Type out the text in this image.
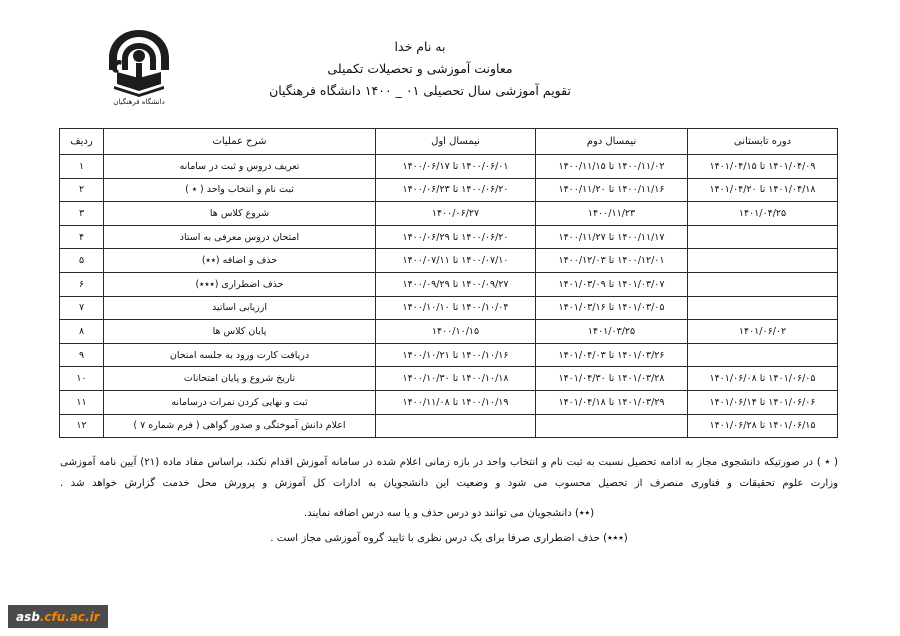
دانشگاه فرهنگیان
به نام خدا
معاونت آموزشی و تحصیلات تکمیلی
تقویم آموزشی سال تحصیلی ۰۱ _ ۱۴۰۰ دانشگاه فرهنگیان
دوره تابستانی	نیمسال دوم	نیمسال اول	شرح عملیات	ردیف
۱۴۰۱/۰۴/۰۹ تا ۱۴۰۱/۰۴/۱۵	۱۴۰۰/۱۱/۰۲ تا ۱۴۰۰/۱۱/۱۵	۱۴۰۰/۰۶/۰۱ تا ۱۴۰۰/۰۶/۱۷	تعریف دروس و ثبت در سامانه	۱
۱۴۰۱/۰۴/۱۸ تا ۱۴۰۱/۰۴/۲۰	۱۴۰۰/۱۱/۱۶ تا ۱۴۰۰/۱۱/۲۰	۱۴۰۰/۰۶/۲۰ تا ۱۴۰۰/۰۶/۲۳	ثبت نام و انتخاب واحد ( ٭ )	۲
۱۴۰۱/۰۴/۲۵	۱۴۰۰/۱۱/۲۳	۱۴۰۰/۰۶/۲۷	شروع کلاس ها	۳
	۱۴۰۰/۱۱/۱۷ تا ۱۴۰۰/۱۱/۲۷	۱۴۰۰/۰۶/۲۰ تا ۱۴۰۰/۰۶/۲۹	امتحان دروس معرفی به استاد	۴
	۱۴۰۰/۱۲/۰۱ تا ۱۴۰۰/۱۲/۰۳	۱۴۰۰/۰۷/۱۰ تا ۱۴۰۰/۰۷/۱۱	حذف و اضافه (٭٭)	۵
	۱۴۰۱/۰۳/۰۷ تا ۱۴۰۱/۰۳/۰۹	۱۴۰۰/۰۹/۲۷ تا ۱۴۰۰/۰۹/۲۹	حذف اضطراری (٭٭٭)	۶
	۱۴۰۱/۰۳/۰۵ تا ۱۴۰۱/۰۳/۱۶	۱۴۰۰/۱۰/۰۴ تا ۱۴۰۰/۱۰/۱۰	ارزیابی اساتید	۷
۱۴۰۱/۰۶/۰۲	۱۴۰۱/۰۳/۲۵	۱۴۰۰/۱۰/۱۵	پایان کلاس ها	۸
	۱۴۰۱/۰۳/۲۶ تا ۱۴۰۱/۰۴/۰۳	۱۴۰۰/۱۰/۱۶ تا ۱۴۰۰/۱۰/۲۱	دریافت کارت ورود به جلسه امتحان	۹
۱۴۰۱/۰۶/۰۵ تا ۱۴۰۱/۰۶/۰۸	۱۴۰۱/۰۳/۲۸ تا ۱۴۰۱/۰۴/۳۰	۱۴۰۰/۱۰/۱۸ تا ۱۴۰۰/۱۰/۳۰	تاریخ شروع و پایان امتحانات	۱۰
۱۴۰۱/۰۶/۰۶ تا ۱۴۰۱/۰۶/۱۴	۱۴۰۱/۰۳/۲۹ تا ۱۴۰۱/۰۴/۱۸	۱۴۰۰/۱۰/۱۹ تا ۱۴۰۰/۱۱/۰۸	ثبت و نهایی کردن نمرات درسامانه	۱۱
۱۴۰۱/۰۶/۱۵ تا ۱۴۰۱/۰۶/۲۸			اعلام دانش آموختگی و صدور گواهی ( فرم شماره ۷ )	۱۲
( ٭ ) در صورتیکه دانشجوی مجاز به ادامه تحصیل نسبت به ثبت نام و انتخاب واحد در بازه زمانی اعلام شده در سامانه آموزش اقدام نکند، براساس مفاد ماده (۲۱) آیین نامه آموزشی وزارت علوم تحقیقات و فناوری منصرف از تحصیل محسوب می شود و وضعیت این دانشجویان به ادارات کل آموزش و پرورش محل خدمت گزارش خواهد شد .
(٭٭) دانشجویان می توانند دو درس حذف و یا سه درس اضافه نمایند.
(٭٭٭) حذف اضطراری صرفا برای یک درس نظری با تایید گروه آموزشی مجاز است .
asb.cfu.ac.ir
